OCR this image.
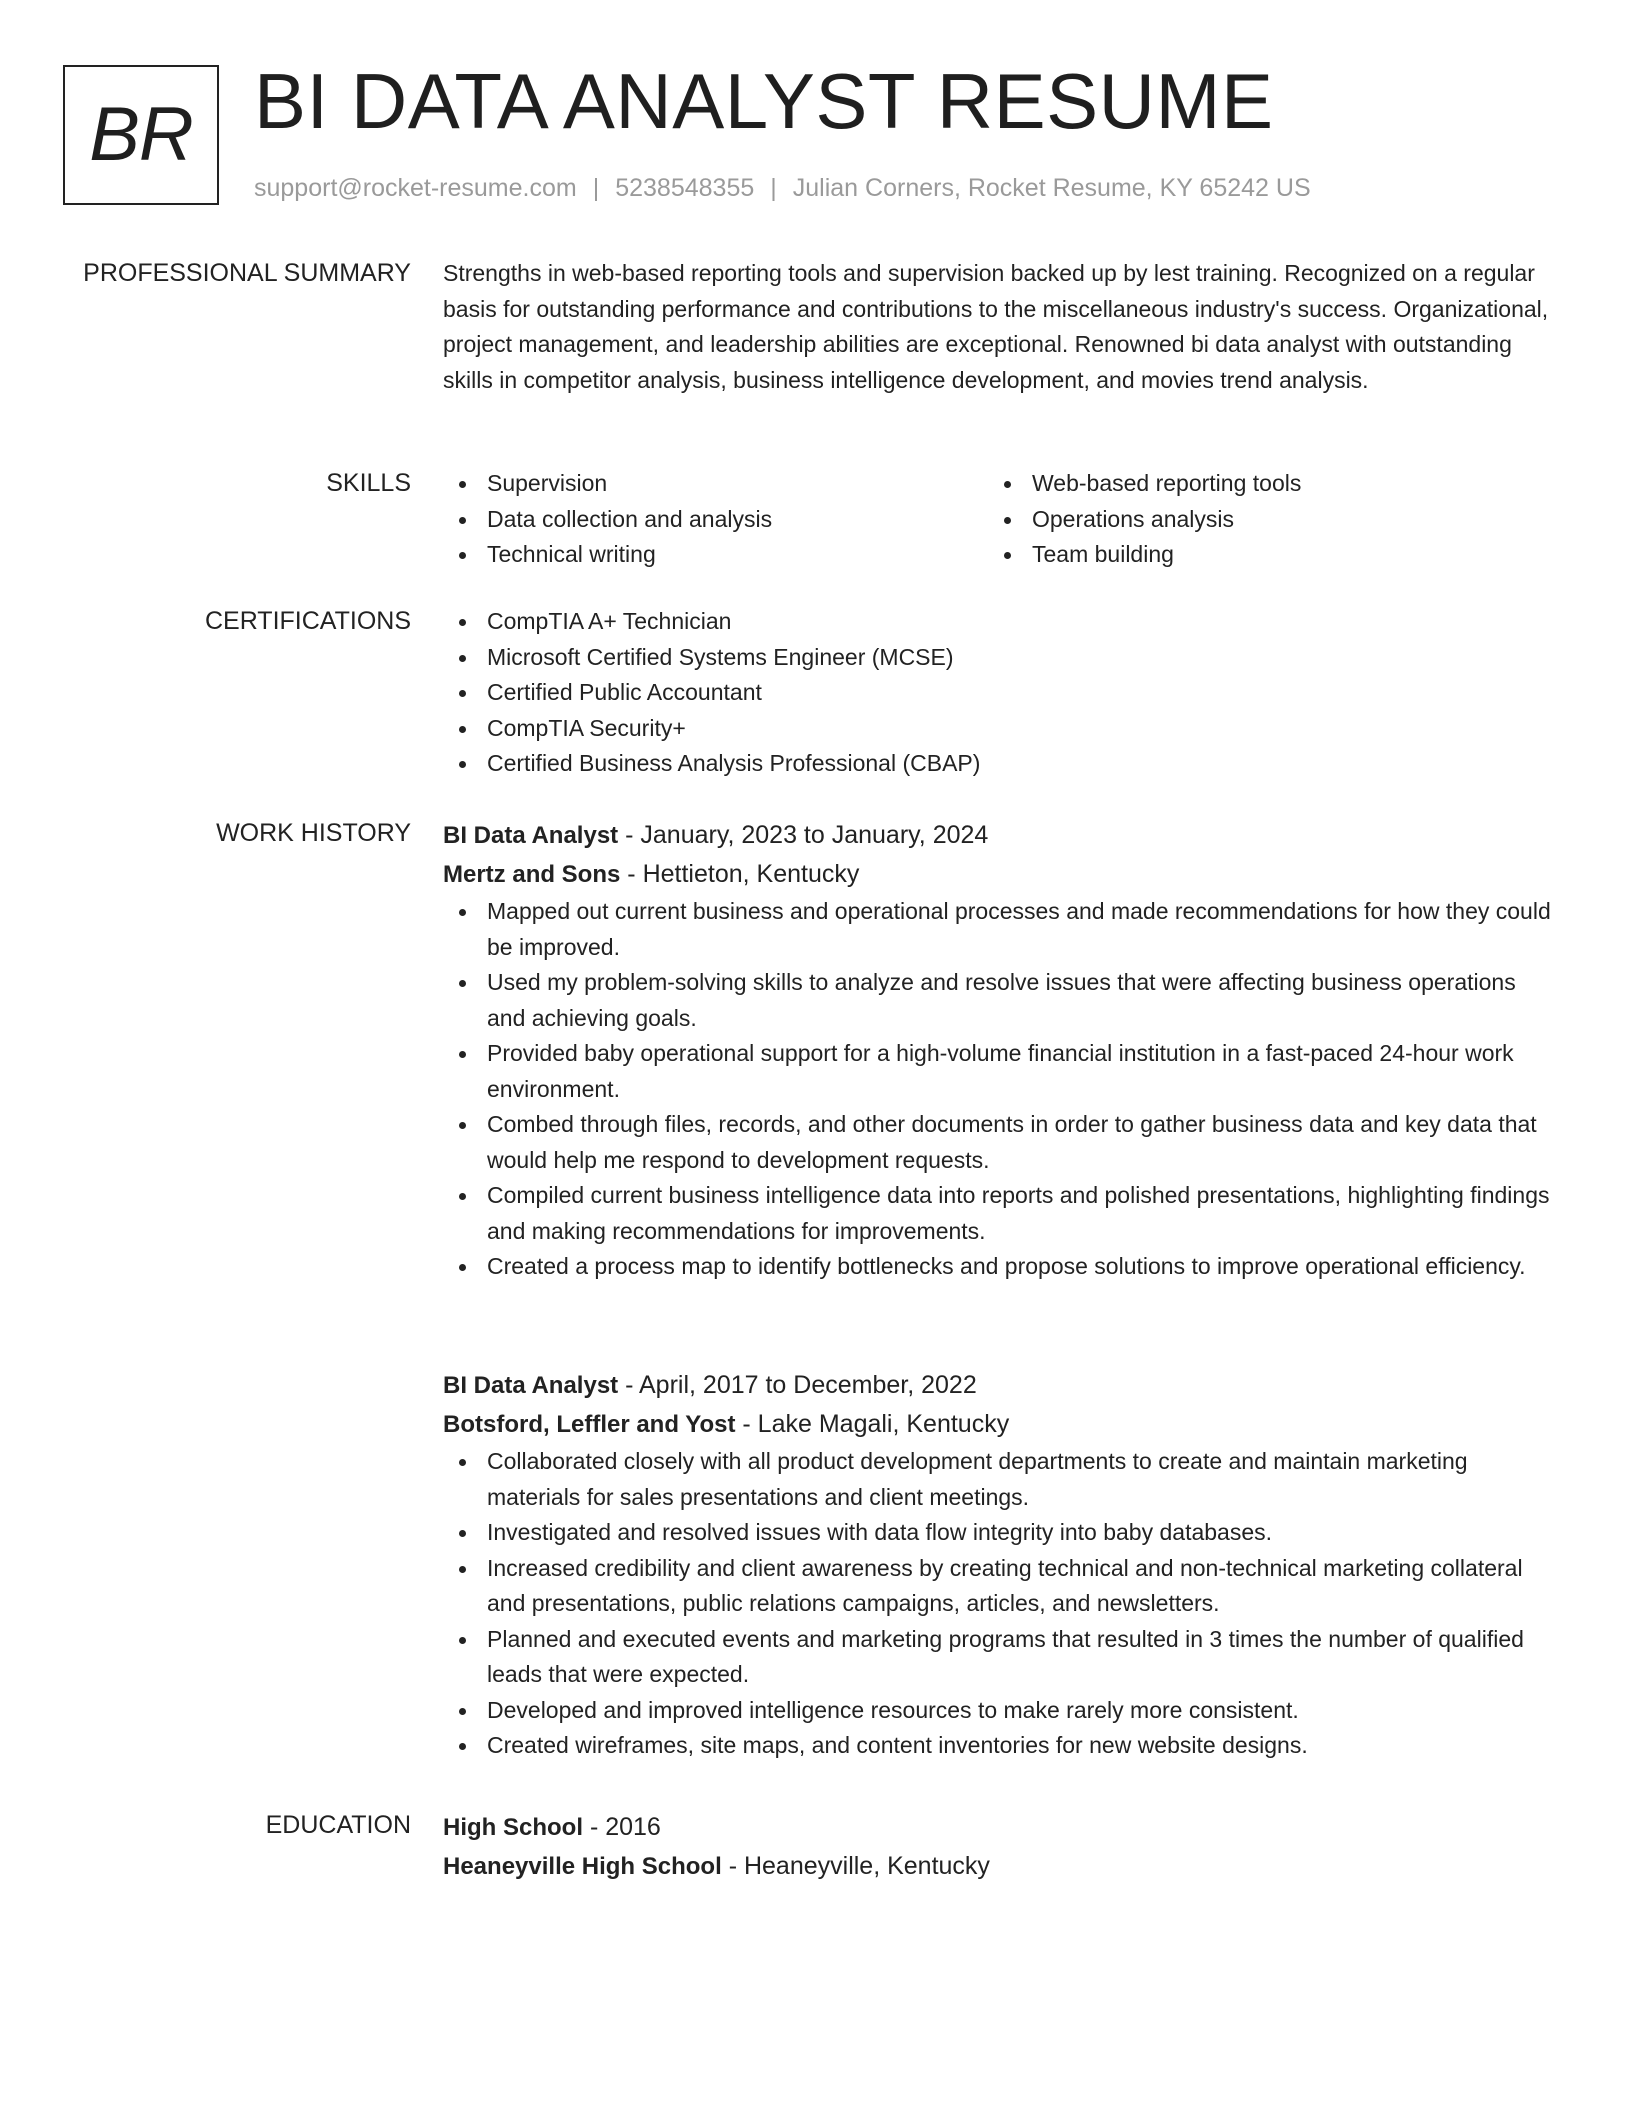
BR BI DATA ANALYST RESUME
support@rocket-resume.com | 5238548355 | Julian Corners, Rocket Resume, KY 65242 US
PROFESSIONAL SUMMARY Strengths in web-based reporting tools and supervision backed up by lest training. Recognized on a regular basis for outstanding performance and contributions to the miscellaneous industry's success. Organizational, project management, and leadership abilities are exceptional. Renowned bi data analyst with outstanding skills in competitor analysis, business intelligence development, and movies trend analysis.

SKILLS	Supervision
Data collection and analysis
Technical writing
Web-based reporting tools
Operations analysis
Team building
CERTIFICATIONS	CompTIA A+ Technician
Microsoft Certified Systems Engineer (MCSE)
Certified Public Accountant
CompTIA Security+
Certified Business Analysis Professional (CBAP)
WORK HISTORY BI Data Analyst - January, 2023 to January, 2024
Mertz and Sons - Hettieton, Kentucky
Mapped out current business and operational processes and made recommendations for how they could be improved.
Used my problem-solving skills to analyze and resolve issues that were affecting business operations and achieving goals.
Provided baby operational support for a high-volume financial institution in a fast-paced 24-hour work environment.
Combed through files, records, and other documents in order to gather business data and key data that would help me respond to development requests.
Compiled current business intelligence data into reports and polished presentations, highlighting findings and making recommendations for improvements.
Created a process map to identify bottlenecks and propose solutions to improve operational efficiency.
BI Data Analyst - April, 2017 to December, 2022
Botsford, Leffler and Yost - Lake Magali, Kentucky
Collaborated closely with all product development departments to create and maintain marketing materials for sales presentations and client meetings.
Investigated and resolved issues with data flow integrity into baby databases.
Increased credibility and client awareness by creating technical and non-technical marketing collateral and presentations, public relations campaigns, articles, and newsletters.
Planned and executed events and marketing programs that resulted in 3 times the number of qualified leads that were expected.
Developed and improved intelligence resources to make rarely more consistent.
Created wireframes, site maps, and content inventories for new website designs.
EDUCATION High School - 2016
Heaneyville High School - Heaneyville, Kentucky
